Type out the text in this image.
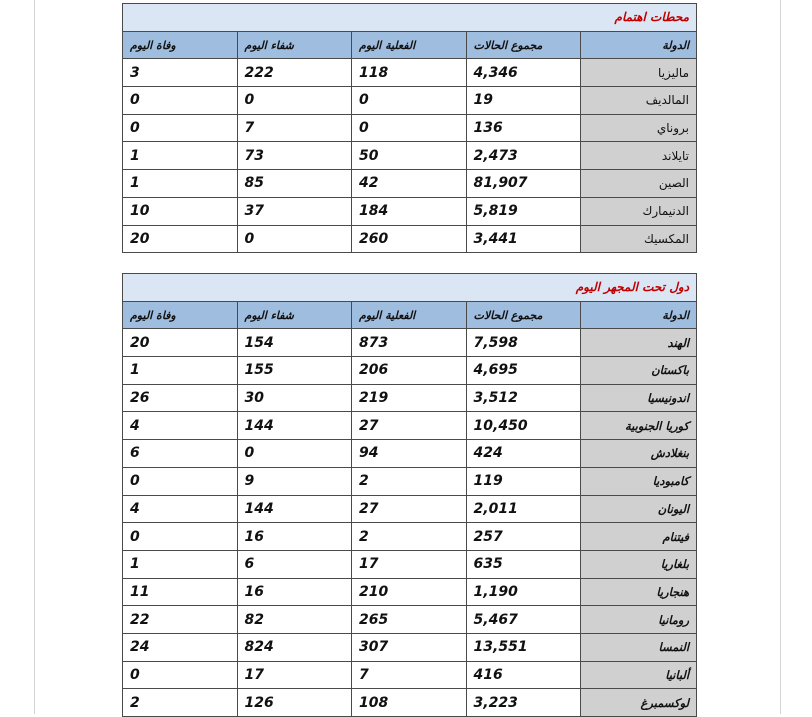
محطات اهتمام				
الدولة	مجموع الحالات	الفعلية اليوم	شفاء اليوم	وفاة اليوم
ماليزيا	4,346	118	222	3
المالديف	19	0	0	0
بروناي	136	0	7	0
تايلاند	2,473	50	73	1
الصين	81,907	42	85	1
الدنيمارك	5,819	184	37	10
المكسيك	3,441	260	0	20
دول تحت المجهر اليوم				
الدولة	مجموع الحالات	الفعلية اليوم	شفاء اليوم	وفاة اليوم
الهند	7,598	873	154	20
باكستان	4,695	206	155	1
اندونيسيا	3,512	219	30	26
كوريا الجنوبية	10,450	27	144	4
بنغلادش	424	94	0	6
كامبوديا	119	2	9	0
اليونان	2,011	27	144	4
فيتنام	257	2	16	0
بلغاريا	635	17	6	1
هنجاريا	1,190	210	16	11
رومانيا	5,467	265	82	22
النمسا	13,551	307	824	24
ألبانيا	416	7	17	0
لوكسمبرغ	3,223	108	126	2
